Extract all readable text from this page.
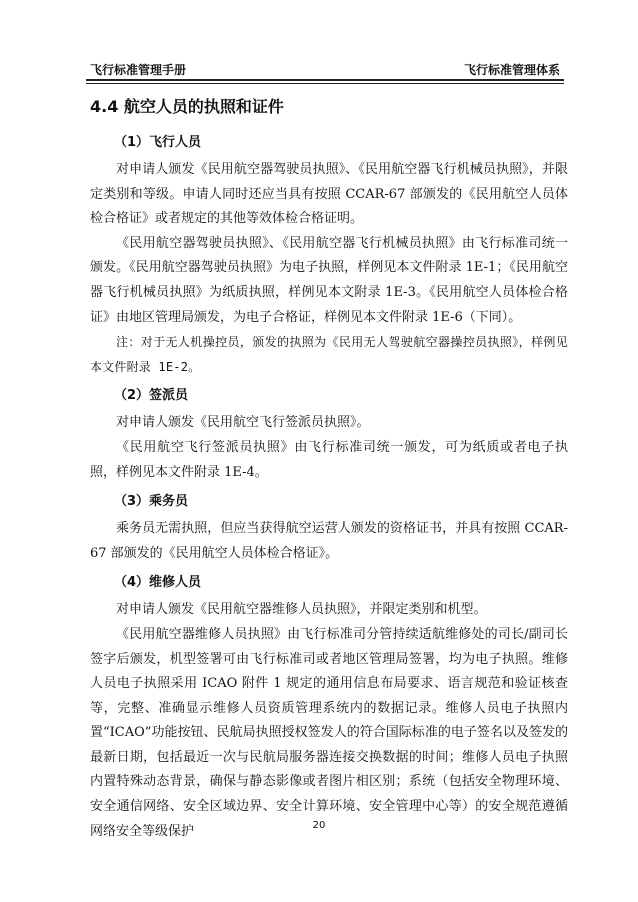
飞行标准管理手册	飞行标准管理体系
4.4 航空人员的执照和证件
（1）飞行人员

对申请人颁发《民用航空器驾驶员执照》、《民用航空器飞行机械员执照》，并限定类别和等级。申请人同时还应当具有按照 CCAR-67 部颁发的《民用航空人员体检合格证》或者规定的其他等效体检合格证明。

《民用航空器驾驶员执照》、《民用航空器飞行机械员执照》由飞行标准司统一颁发。《民用航空器驾驶员执照》为电子执照，样例见本文件附录 1E-1；《民用航空器飞行机械员执照》为纸质执照，样例见本文附录 1E-3。《民用航空人员体检合格证》由地区管理局颁发，为电子合格证，样例见本文件附录 1E-6（下同）。

注：对于无人机操控员，颁发的执照为《民用无人驾驶航空器操控员执照》，样例见本文件附录 1E-2。

（2）签派员

对申请人颁发《民用航空飞行签派员执照》。

《民用航空飞行签派员执照》由飞行标准司统一颁发，可为纸质或者电子执照，样例见本文件附录 1E-4。

（3）乘务员

乘务员无需执照，但应当获得航空运营人颁发的资格证书，并具有按照 CCAR-67 部颁发的《民用航空人员体检合格证》。

（4）维修人员

对申请人颁发《民用航空器维修人员执照》，并限定类别和机型。

《民用航空器维修人员执照》由飞行标准司分管持续适航维修处的司长/副司长签字后颁发，机型签署可由飞行标准司或者地区管理局签署，均为电子执照。维修人员电子执照采用 ICAO 附件 1 规定的通用信息布局要求、语言规范和验证核查等，完整、准确显示维修人员资质管理系统内的数据记录。维修人员电子执照内置“ICAO”功能按钮、民航局执照授权签发人的符合国际标准的电子签名以及签发的最新日期，包括最近一次与民航局服务器连接交换数据的时间；维修人员电子执照内置特殊动态背景，确保与静态影像或者图片相区别；系统（包括安全物理环境、安全通信网络、安全区域边界、安全计算环境、安全管理中心等）的安全规范遵循网络安全等级保护	20
